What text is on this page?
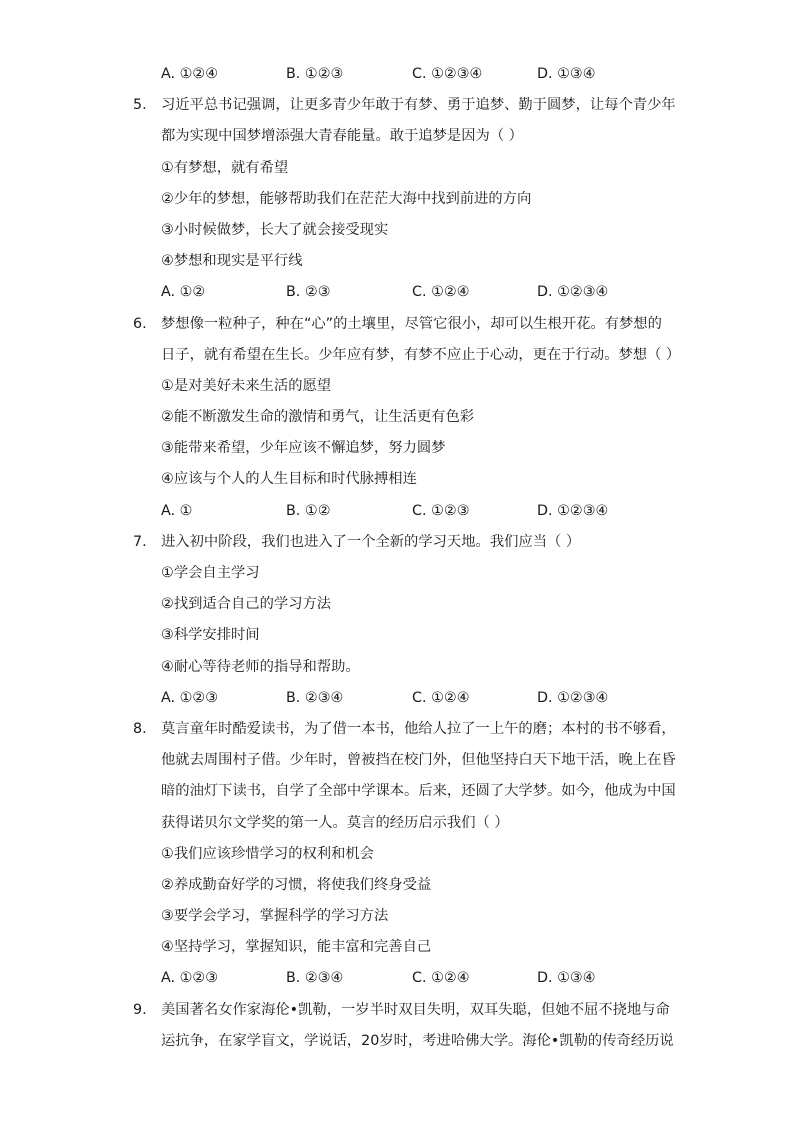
A. ①②④	B. ①②③	C. ①②③④	D. ①③④
5.	习近平总书记强调，让更多青少年敢于有梦、勇于追梦、勤于圆梦，让每个青少年
都为实现中国梦增添强大青春能量。敢于追梦是因为（ ）
①有梦想，就有希望
②少年的梦想，能够帮助我们在茫茫大海中找到前进的方向
③小时候做梦，长大了就会接受现实
④梦想和现实是平行线
A. ①②	B. ②③	C. ①②④	D. ①②③④
6.	梦想像一粒种子，种在“心”的土壤里，尽管它很小，却可以生根开花。有梦想的
日子，就有希望在生长。少年应有梦，有梦不应止于心动，更在于行动。梦想（ ）
①是对美好未来生活的愿望
②能不断激发生命的激情和勇气，让生活更有色彩
③能带来希望，少年应该不懈追梦，努力圆梦
④应该与个人的人生目标和时代脉搏相连
A. ①	B. ①②	C. ①②③	D. ①②③④
7.	进入初中阶段，我们也进入了一个全新的学习天地。我们应当（ ）
①学会自主学习
②找到适合自己的学习方法
③科学安排时间
④耐心等待老师的指导和帮助。
A. ①②③	B. ②③④	C. ①②④	D. ①②③④
8.	莫言童年时酷爱读书，为了借一本书，他给人拉了一上午的磨；本村的书不够看，
他就去周围村子借。少年时，曾被挡在校门外，但他坚持白天下地干活，晚上在昏
暗的油灯下读书，自学了全部中学课本。后来，还圆了大学梦。如今，他成为中国
获得诺贝尔文学奖的第一人。莫言的经历启示我们（ ）
①我们应该珍惜学习的权利和机会
②养成勤奋好学的习惯，将使我们终身受益
③要学会学习，掌握科学的学习方法
④坚持学习，掌握知识，能丰富和完善自己
A. ①②③	B. ②③④	C. ①②④	D. ①③④
9.	美国著名女作家海伦•凯勒，一岁半时双目失明，双耳失聪，但她不屈不挠地与命
运抗争，在家学盲文，学说话，20岁时，考进哈佛大学。海伦•凯勒的传奇经历说
